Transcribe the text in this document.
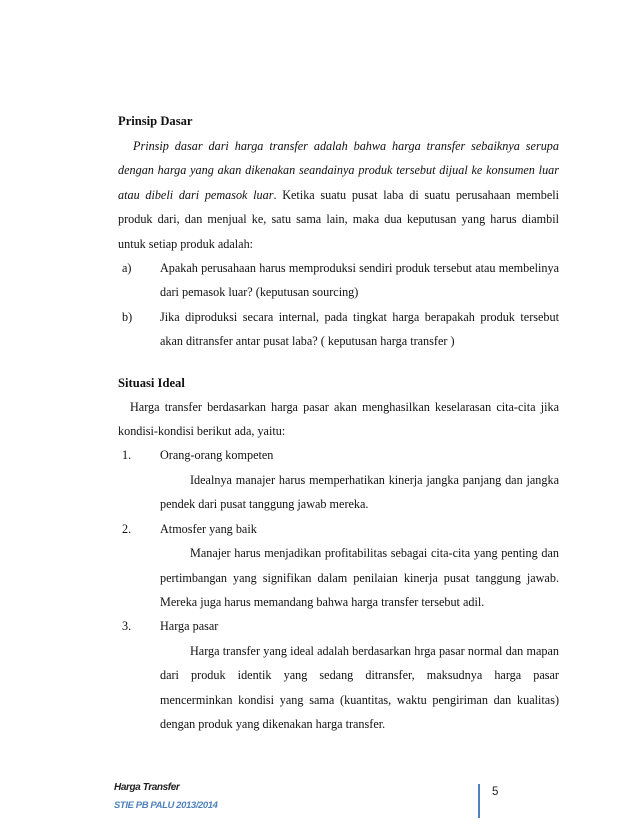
Prinsip Dasar

Prinsip dasar dari harga transfer adalah bahwa harga transfer sebaiknya serupa dengan harga yang akan dikenakan seandainya produk tersebut dijual ke konsumen luar atau dibeli dari pemasok luar. Ketika suatu pusat laba di suatu perusahaan membeli produk dari, dan menjual ke, satu sama lain, maka dua keputusan yang harus diambil untuk setiap produk adalah:

a) Apakah perusahaan harus memproduksi sendiri produk tersebut atau membelinya dari pemasok luar? (keputusan sourcing)
b) Jika diproduksi secara internal, pada tingkat harga berapakah produk tersebut akan ditransfer antar pusat laba? ( keputusan harga transfer )

Situasi Ideal

Harga transfer berdasarkan harga pasar akan menghasilkan keselarasan cita-cita jika kondisi-kondisi berikut ada, yaitu:

1. Orang-orang kompeten
Idealnya manajer harus memperhatikan kinerja jangka panjang dan jangka pendek dari pusat tanggung jawab mereka.
2. Atmosfer yang baik
Manajer harus menjadikan profitabilitas sebagai cita-cita yang penting dan pertimbangan yang signifikan dalam penilaian kinerja pusat tanggung jawab. Mereka juga harus memandang bahwa harga transfer tersebut adil.
3. Harga pasar
Harga transfer yang ideal adalah berdasarkan hrga pasar normal dan mapan dari produk identik yang sedang ditransfer, maksudnya harga pasar mencerminkan kondisi yang sama (kuantitas, waktu pengiriman dan kualitas) dengan produk yang dikenakan harga transfer.
Harga Transfer
STIE PB PALU 2013/2014
5
